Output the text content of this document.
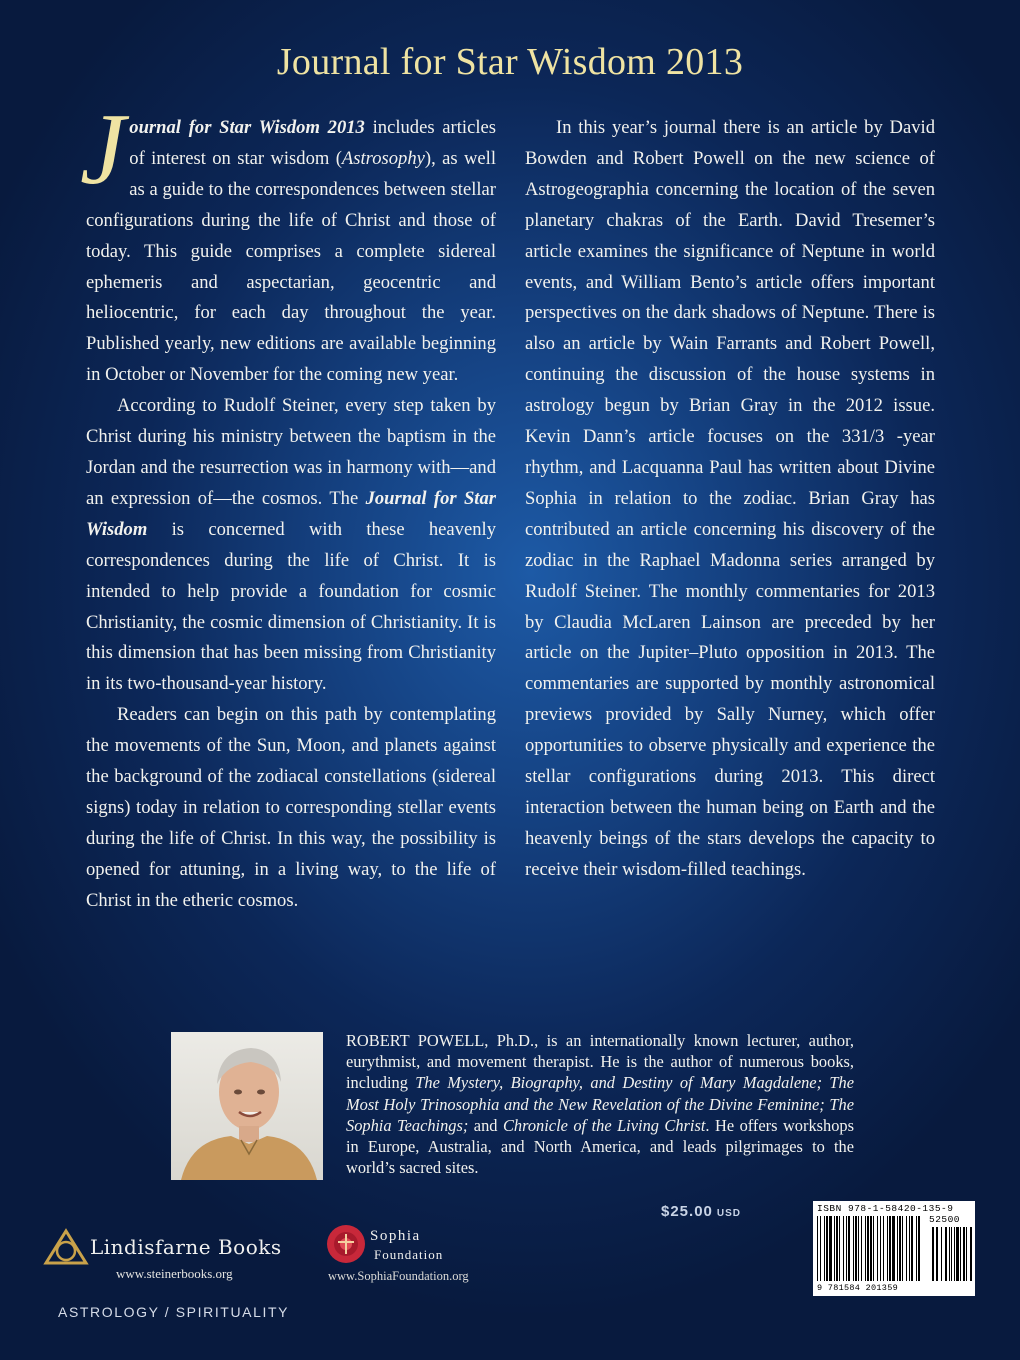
Journal for Star Wisdom 2013

Journal for Star Wisdom 2013 includes articles of interest on star wisdom (Astrosophy), as well as a guide to the correspondences between stellar configurations during the life of Christ and those of today. This guide comprises a complete sidereal ephemeris and aspectarian, geocentric and heliocentric, for each day throughout the year. Published yearly, new editions are available beginning in October or November for the coming new year.

According to Rudolf Steiner, every step taken by Christ during his ministry between the baptism in the Jordan and the resurrection was in harmony with—and an expression of—the cosmos. The Journal for Star Wisdom is concerned with these heavenly correspondences during the life of Christ. It is intended to help provide a foundation for cosmic Christianity, the cosmic dimension of Christianity. It is this dimension that has been missing from Christianity in its two-thousand-year history.

Readers can begin on this path by contemplating the movements of the Sun, Moon, and planets against the background of the zodiacal constellations (sidereal signs) today in relation to corresponding stellar events during the life of Christ. In this way, the possibility is opened for attuning, in a living way, to the life of Christ in the etheric cosmos.

In this year’s journal there is an article by David Bowden and Robert Powell on the new science of Astrogeographia concerning the location of the seven planetary chakras of the Earth. David Tresemer’s article examines the significance of Neptune in world events, and William Bento’s article offers important perspectives on the dark shadows of Neptune. There is also an article by Wain Farrants and Robert Powell, continuing the discussion of the house systems in astrology begun by Brian Gray in the 2012 issue. Kevin Dann’s article focuses on the 331/3 -year rhythm, and Lacquanna Paul has written about Divine Sophia in relation to the zodiac. Brian Gray has contributed an article concerning his discovery of the zodiac in the Raphael Madonna series arranged by Rudolf Steiner. The monthly commentaries for 2013 by Claudia McLaren Lainson are preceded by her article on the Jupiter–Pluto opposition in 2013. The commentaries are supported by monthly astronomical previews provided by Sally Nurney, which offer opportunities to observe physically and experience the stellar configurations during 2013. This direct interaction between the human being on Earth and the heavenly beings of the stars develops the capacity to receive their wisdom-filled teachings.

ROBERT POWELL, Ph.D., is an internationally known lecturer, author, eurythmist, and movement therapist. He is the author of numerous books, including The Mystery, Biography, and Destiny of Mary Magdalene; The Most Holy Trinosophia and the New Revelation of the Divine Feminine; The Sophia Teachings; and Chronicle of the Living Christ. He offers workshops in Europe, Australia, and North America, and leads pilgrimages to the world’s sacred sites.
$25.00 USD	ISBN 978-1-58420-135-9
52500
9 781584 201359
Lindisfarne Books
www.steinerbooks.org
Sophia
Foundation
www.SophiaFoundation.org
ASTROLOGY / SPIRITUALITY
